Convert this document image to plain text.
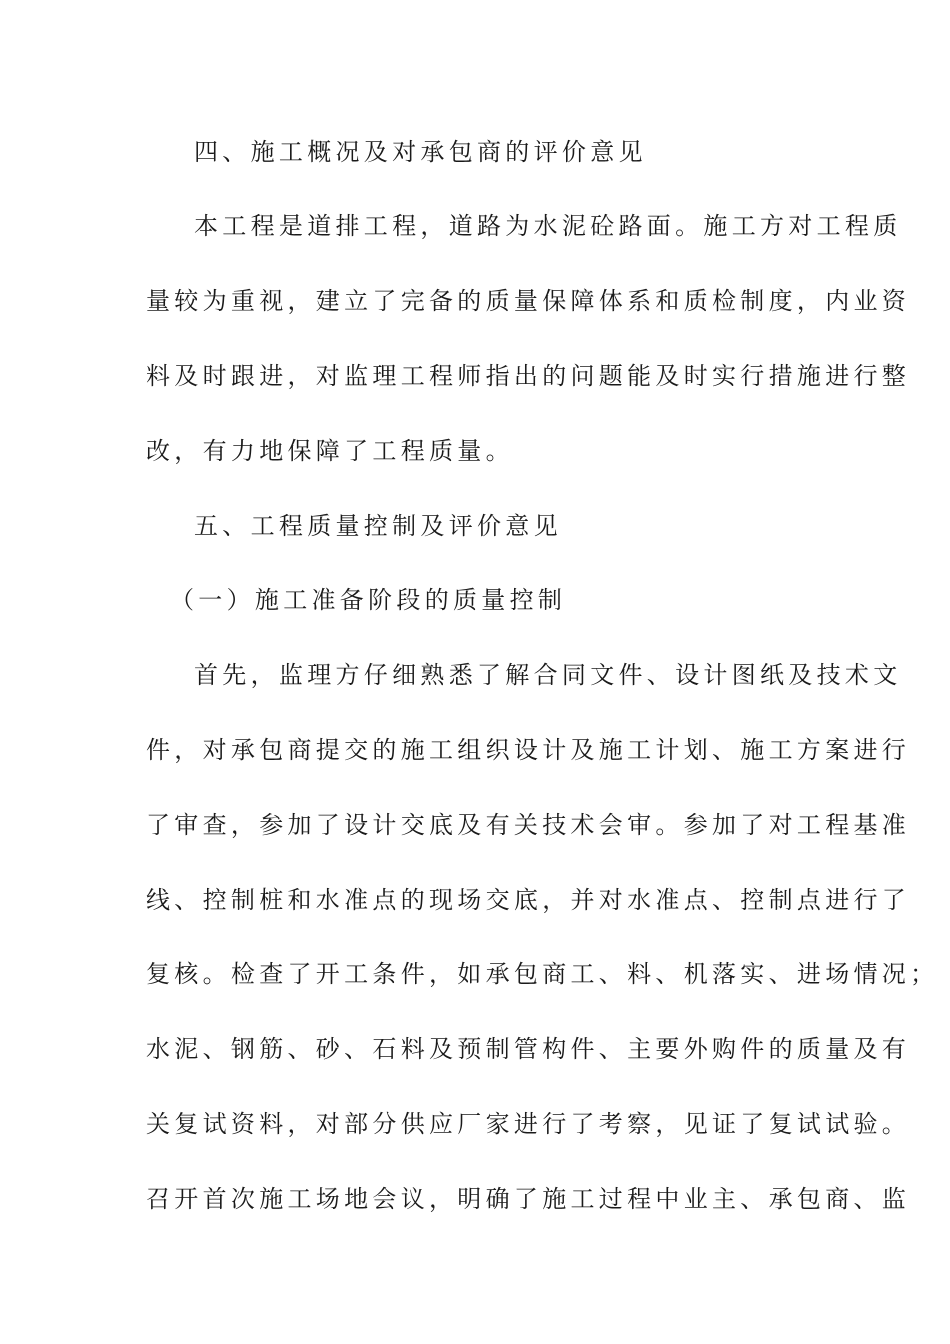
四、施工概况及对承包商的评价意见
本工程是道排工程，道路为水泥砼路面。施工方对工程质
量较为重视，建立了完备的质量保障体系和质检制度，内业资
料及时跟进，对监理工程师指出的问题能及时实行措施进行整
改，有力地保障了工程质量。
五、工程质量控制及评价意见
（一）施工准备阶段的质量控制
首先，监理方仔细熟悉了解合同文件、设计图纸及技术文
件，对承包商提交的施工组织设计及施工计划、施工方案进行
了审查，参加了设计交底及有关技术会审。参加了对工程基准
线、控制桩和水准点的现场交底，并对水准点、控制点进行了
复核。检查了开工条件，如承包商工、料、机落实、进场情况；
水泥、钢筋、砂、石料及预制管构件、主要外购件的质量及有
关复试资料，对部分供应厂家进行了考察，见证了复试试验。
召开首次施工场地会议，明确了施工过程中业主、承包商、监
